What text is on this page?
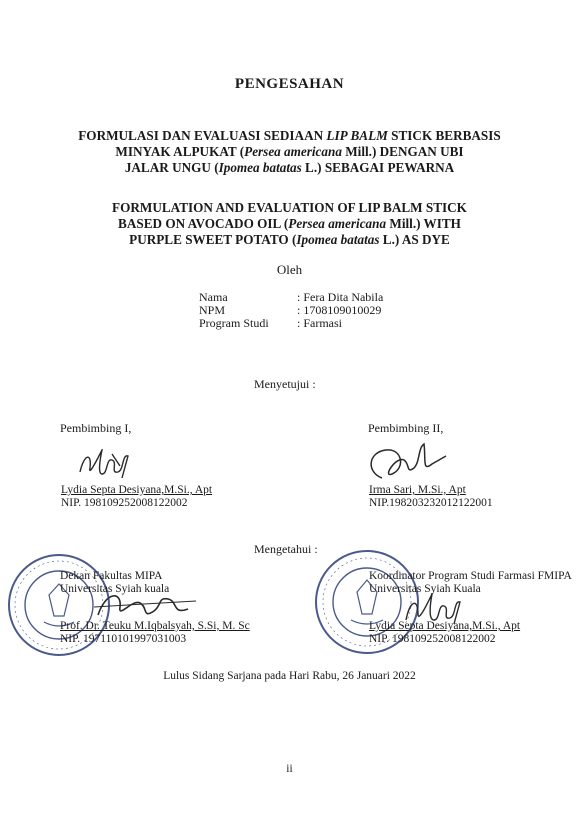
PENGESAHAN
FORMULASI DAN EVALUASI SEDIAAN LIP BALM STICK BERBASIS
MINYAK ALPUKAT (Persea americana Mill.) DENGAN UBI
JALAR UNGU (Ipomea batatas L.) SEBAGAI PEWARNA
FORMULATION AND EVALUATION OF LIP BALM STICK
BASED ON AVOCADO OIL (Persea americana Mill.) WITH
PURPLE SWEET POTATO (Ipomea batatas L.) AS DYE
Oleh
Nama	: Fera Dita Nabila
NPM	: 1708109010029
Program Studi	: Farmasi
Menyetujui :
Pembimbing I,
Lydia Septa Desiyana,M.Si., Apt
NIP. 198109252008122002
Pembimbing II,
Irma Sari, M.Si., Apt
NIP.198203232012122001
Mengetahui :
Dekan Fakultas MIPA
Universitas Syiah kuala
Prof. Dr. Teuku M.Iqbalsyah, S.Si, M. Sc
NIP. 197110101997031003
Koordinator Program Studi Farmasi FMIPA
Universitas Syiah Kuala
Lydia Septa Desiyana,M.Si., Apt
NIP. 198109252008122002
Lulus Sidang Sarjana pada Hari Rabu, 26 Januari 2022
ii
